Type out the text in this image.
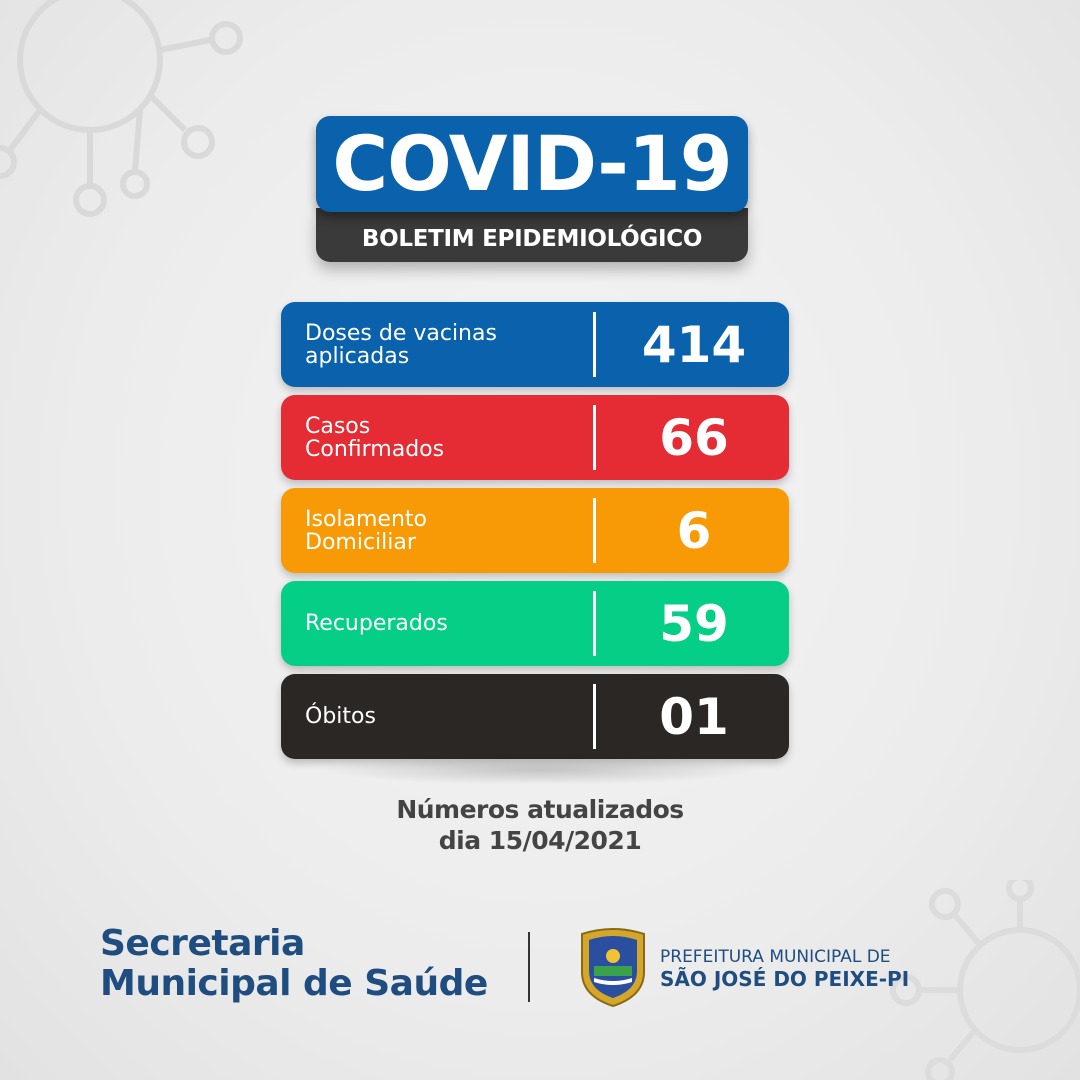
BOLETIM EPIDEMIOLÓGICO
COVID-19
Doses de vacinas
aplicadas	414
Casos
Confirmados	66
Isolamento
Domiciliar	6
Recuperados	59
Óbitos	01
Números atualizados
dia 15/04/2021
Secretaria
Municipal de Saúde
PREFEITURA MUNICIPAL DE
SÃO JOSÉ DO PEIXE-PI
